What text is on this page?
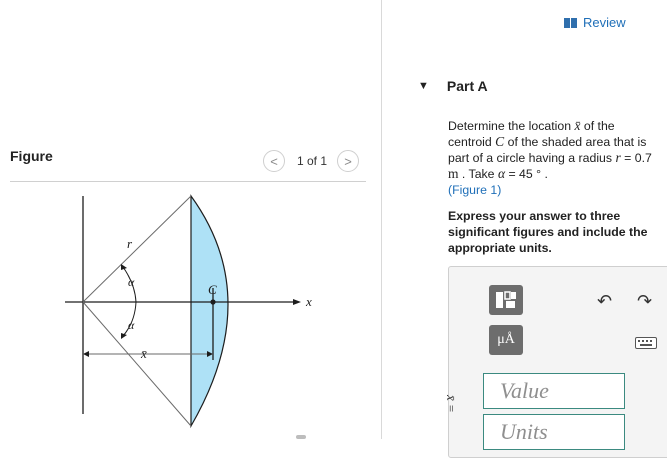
Figure	< 1 of 1 >
r
α
α
C
x
x̄
Review
▼ Part A
Determine the location x̄ of the centroid C of the shaded area that is part of a circle having a radius r = 0.7 m . Take α = 45 ° .
(Figure 1)
Express your answer to three significant figures and include the appropriate units.
μÅ
↶ ↷
x̄ =
Value
Units
